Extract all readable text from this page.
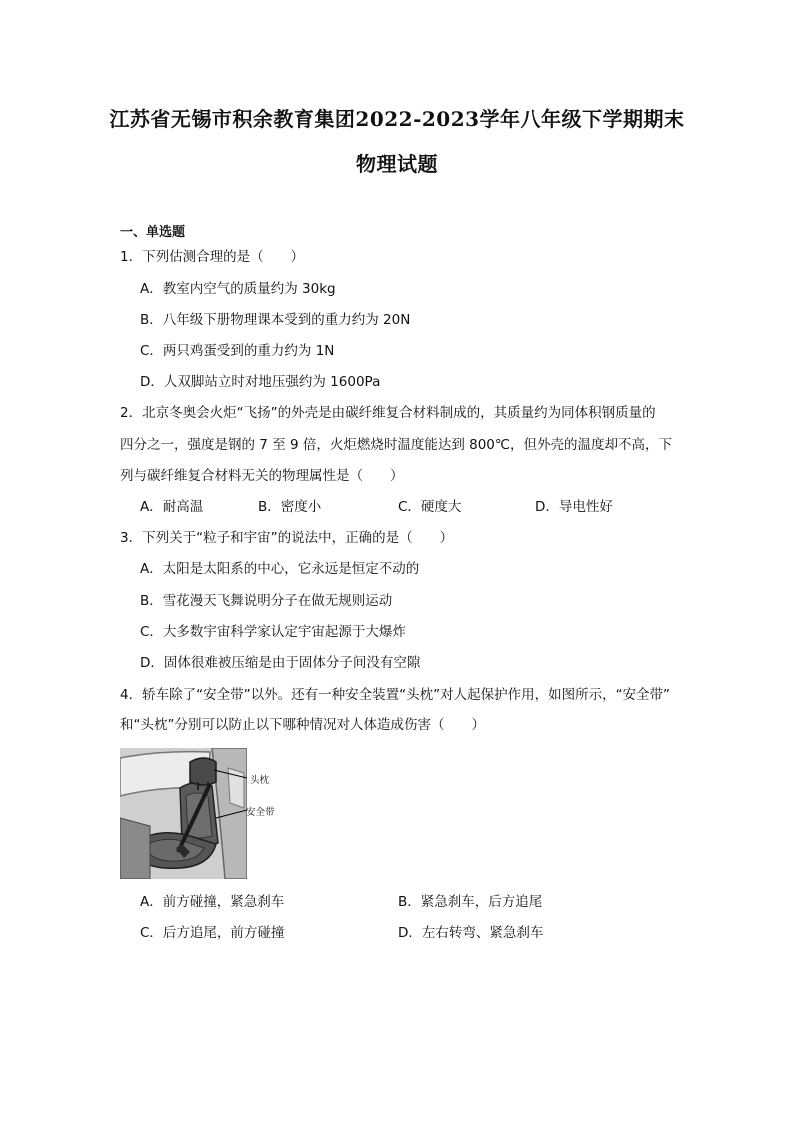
江苏省无锡市积余教育集团2022-2023学年八年级下学期期末
物理试题
一、单选题
1．下列估测合理的是（　　）
A．教室内空气的质量约为 30kg
B．八年级下册物理课本受到的重力约为 20N
C．两只鸡蛋受到的重力约为 1N
D．人双脚站立时对地压强约为 1600Pa
2．北京冬奥会火炬“飞扬”的外壳是由碳纤维复合材料制成的，其质量约为同体积钢质量的
四分之一，强度是钢的 7 至 9 倍，火炬燃烧时温度能达到 800℃，但外壳的温度却不高，下
列与碳纤维复合材料无关的物理属性是（　　）
A．耐高温	B．密度小	C．硬度大	D．导电性好
3．下列关于“粒子和宇宙”的说法中，正确的是（　　）
A．太阳是太阳系的中心，它永远是恒定不动的
B．雪花漫天飞舞说明分子在做无规则运动
C．大多数宇宙科学家认定宇宙起源于大爆炸
D．固体很难被压缩是由于固体分子间没有空隙
4．轿车除了“安全带”以外。还有一种安全装置“头枕”对人起保护作用，如图所示，“安全带”
和“头枕”分别可以防止以下哪种情况对人体造成伤害（　　）
头枕
安全带
A．前方碰撞，紧急刹车	B．紧急刹车，后方追尾
C．后方追尾，前方碰撞	D．左右转弯、紧急刹车
